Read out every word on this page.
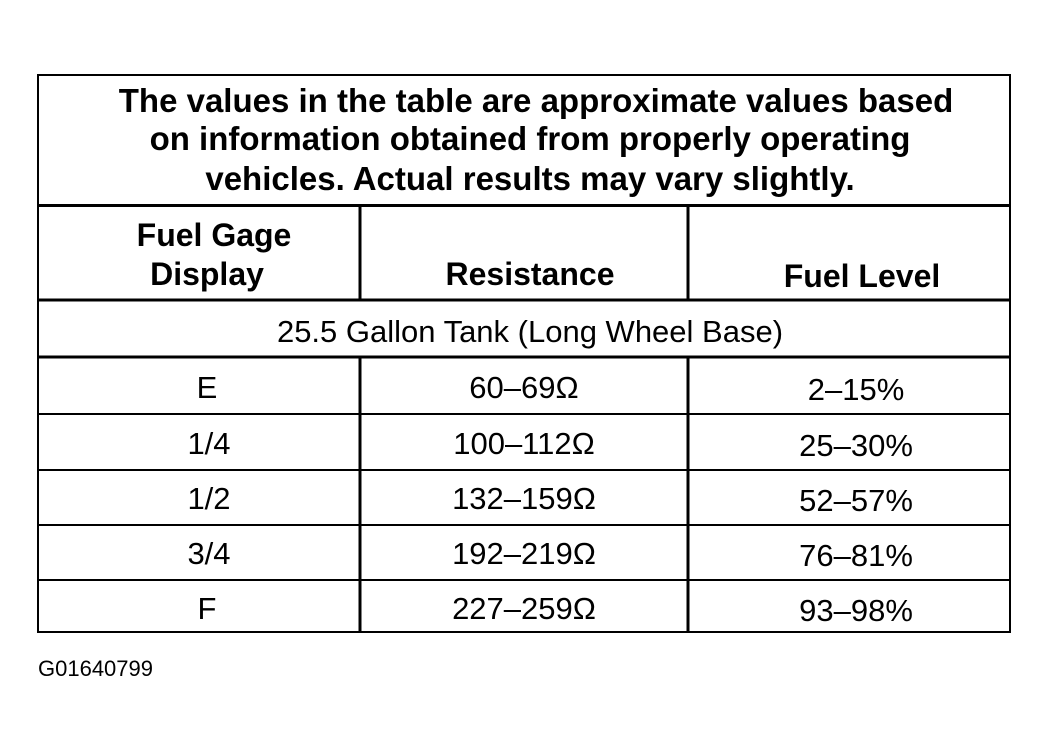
The values in the table are approximate values based
on information obtained from properly operating
vehicles. Actual results may vary slightly.
Fuel Gage
Display	Resistance	Fuel Level
25.5 Gallon Tank (Long Wheel Base)
E	60–69Ω	2–15%
1/4	100–112Ω	25–30%
1/2	132–159Ω	52–57%
3/4	192–219Ω	76–81%
F	227–259Ω	93–98%
G01640799
